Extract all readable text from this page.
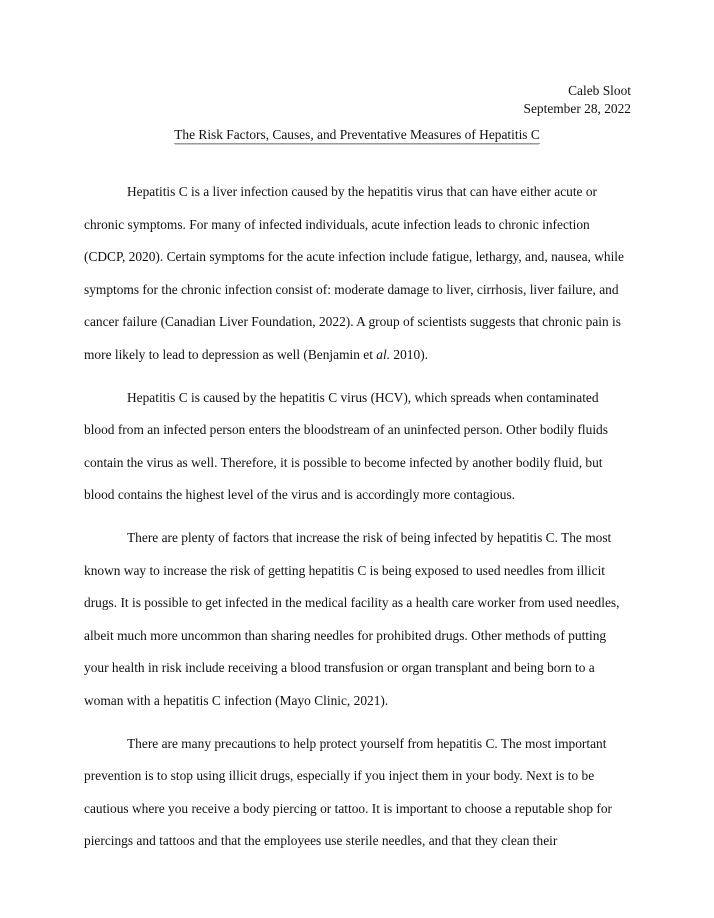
Caleb Sloot
September 28, 2022
The Risk Factors, Causes, and Preventative Measures of Hepatitis C

Hepatitis C is a liver infection caused by the hepatitis virus that can have either acute or chronic symptoms. For many of infected individuals, acute infection leads to chronic infection (CDCP, 2020). Certain symptoms for the acute infection include fatigue, lethargy, and, nausea, while symptoms for the chronic infection consist of: moderate damage to liver, cirrhosis, liver failure, and cancer failure (Canadian Liver Foundation, 2022). A group of scientists suggests that chronic pain is more likely to lead to depression as well (Benjamin et al. 2010).

Hepatitis C is caused by the hepatitis C virus (HCV), which spreads when contaminated blood from an infected person enters the bloodstream of an uninfected person. Other bodily fluids contain the virus as well. Therefore, it is possible to become infected by another bodily fluid, but blood contains the highest level of the virus and is accordingly more contagious.

There are plenty of factors that increase the risk of being infected by hepatitis C. The most known way to increase the risk of getting hepatitis C is being exposed to used needles from illicit drugs. It is possible to get infected in the medical facility as a health care worker from used needles, albeit much more uncommon than sharing needles for prohibited drugs. Other methods of putting your health in risk include receiving a blood transfusion or organ transplant and being born to a woman with a hepatitis C infection (Mayo Clinic, 2021).

There are many precautions to help protect yourself from hepatitis C. The most important prevention is to stop using illicit drugs, especially if you inject them in your body. Next is to be cautious where you receive a body piercing or tattoo. It is important to choose a reputable shop for piercings and tattoos and that the employees use sterile needles, and that they clean their
